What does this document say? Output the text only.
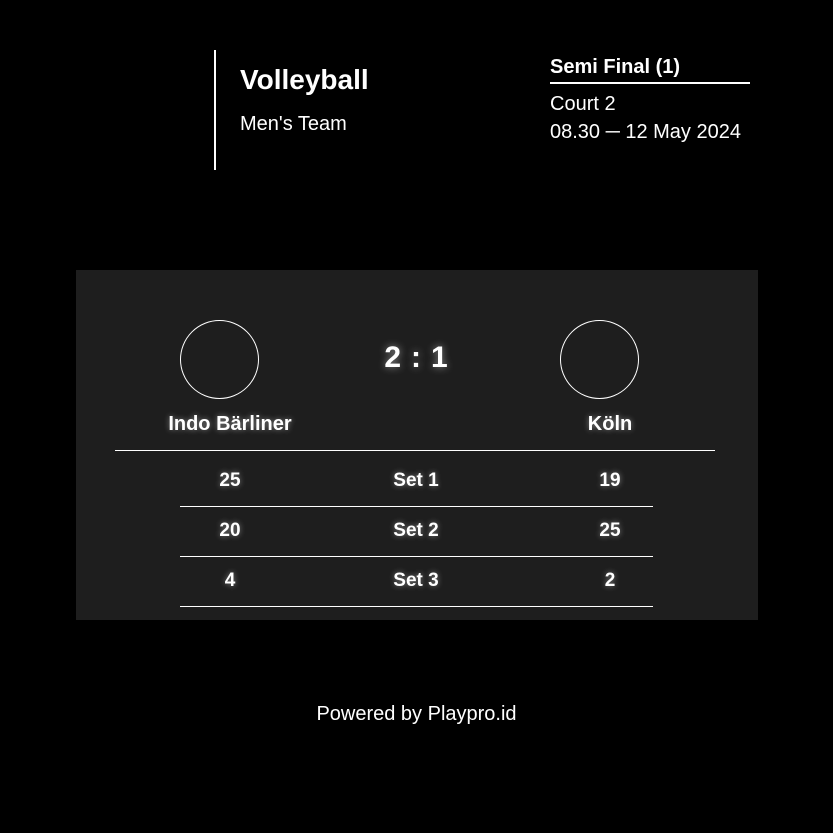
Volleyball
Men's Team
Semi Final (1)
Court 2
08.30 ─ 12 May 2024
2 : 1
Indo Bärliner	Köln
25	Set 1	19
20	Set 2	25
4	Set 3	2
Powered by Playpro.id
